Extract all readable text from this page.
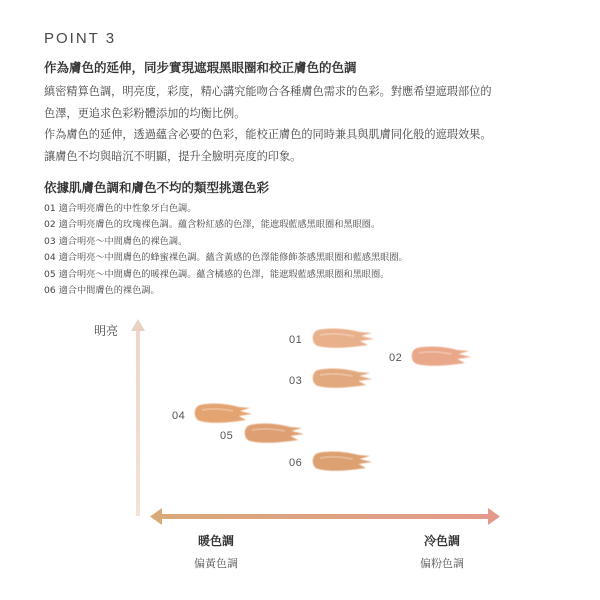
POINT 3
作為膚色的延伸，同步實現遮瑕黑眼圈和校正膚色的色調
縝密精算色調，明亮度，彩度，精心講究能吻合各種膚色需求的色彩。對應希望遮瑕部位的
色澤，更追求色彩粉體添加的均衡比例。
作為膚色的延伸，透過蘊含必要的色彩，能校正膚色的同時兼具與肌膚同化般的遮瑕效果。
讓膚色不均與暗沉不明顯，提升全臉明亮度的印象。
依據肌膚色調和膚色不均的類型挑選色彩
01 適合明亮膚色的中性象牙白色調。
02 適合明亮膚色的玫瑰裸色調。蘊含粉紅感的色澤，能遮瑕藍感黑眼圈和黑眼圈。
03 適合明亮～中間膚色的裸色調。
04 適合明亮～中間膚色的蜂蜜裸色調。蘊含黃感的色澤能修飾茶感黑眼圈和藍感黑眼圈。
05 適合明亮～中間膚色的暖裸色調。蘊含橘感的色澤，能遮瑕藍感黑眼圈和黑眼圈。
06 適合中間膚色的裸色調。
明亮
01
02
03
04
05
06
暖色調
偏黃色調
冷色調
偏粉色調
